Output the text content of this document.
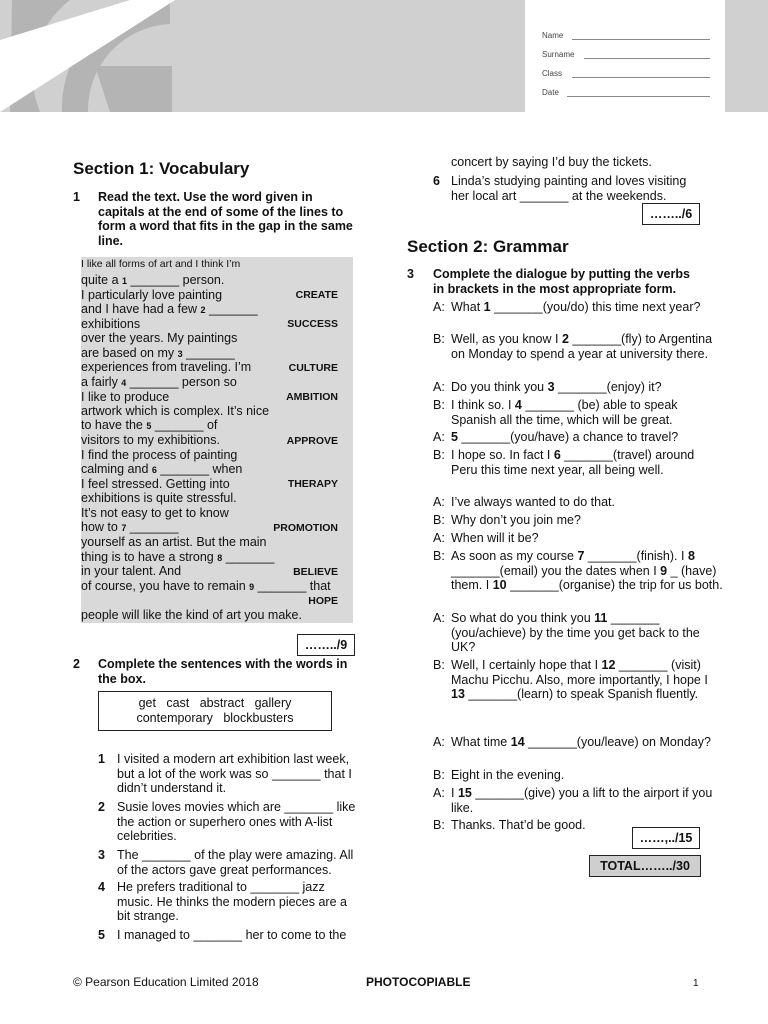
Name
Surname
Class
Date
Section 1: Vocabulary
1 Read the text. Use the word given in capitals at the end of some of the lines to form a word that fits in the gap in the same line.
I like all forms of art and I think I’m
quite a 1 _______ person.
I particularly love painting
and I have had a few 2 _______
exhibitions
over the years. My paintings
are based on my 3 _______
experiences from traveling. I’m
a fairly 4 _______ person so
I like to produce
artwork which is complex. It’s nice
to have the 5 _______ of
visitors to my exhibitions.
I find the process of painting
calming and 6 _______ when
I feel stressed. Getting into
exhibitions is quite stressful.
It’s not easy to get to know
how to 7 _______
yourself as an artist. But the main
thing is to have a strong 8 _______
in your talent. And
of course, you have to remain 9 _______ that
people will like the kind of art you make.
CREATE
SUCCESS
CULTURE
AMBITION
APPROVE
THERAPY
PROMOTION
BELIEVE
HOPE
……../9
2 Complete the sentences with the words in the box.
get   cast   abstract   gallery
contemporary   blockbusters
1 I visited a modern art exhibition last week, but a lot of the work was so _______ that I didn’t understand it.
2 Susie loves movies which are _______ like the action or superhero ones with A-list celebrities.
3 The _______ of the play were amazing. All of the actors gave great performances.
4 He prefers traditional to _______ jazz music. He thinks the modern pieces are a bit strange.
5 I managed to _______ her to come to the
concert by saying I’d buy the tickets.
6 Linda’s studying painting and loves visiting her local art _______ at the weekends.
……../6
Section 2: Grammar
3 Complete the dialogue by putting the verbs in brackets in the most appropriate form.
A: What 1 _______(you/do) this time next year?
B: Well, as you know I 2 _______(fly) to Argentina on Monday to spend a year at university there.
A: Do you think you 3 _______(enjoy) it?
B: I think so. I 4 _______ (be) able to speak Spanish all the time, which will be great.
A: 5 _______(you/have) a chance to travel?
B: I hope so. In fact I 6 _______(travel) around Peru this time next year, all being well.
A: I’ve always wanted to do that.
B: Why don’t you join me?
A: When will it be?
B: As soon as my course 7 _______(finish). I 8 _______(email) you the dates when I 9 _ (have) them. I 10 _______(organise) the trip for us both.
A: So what do you think you 11 _______ (you/achieve) by the time you get back to the UK?
B: Well, I certainly hope that I 12 _______ (visit) Machu Picchu. Also, more importantly, I hope I 13 _______(learn) to speak Spanish fluently.
A: What time 14 _______(you/leave) on Monday?
B: Eight in the evening.
A: I 15 _______(give) you a lift to the airport if you like.
B: Thanks. That’d be good.
……,../15
TOTAL……../30
© Pearson Education Limited 2018	PHOTOCOPIABLE	1
